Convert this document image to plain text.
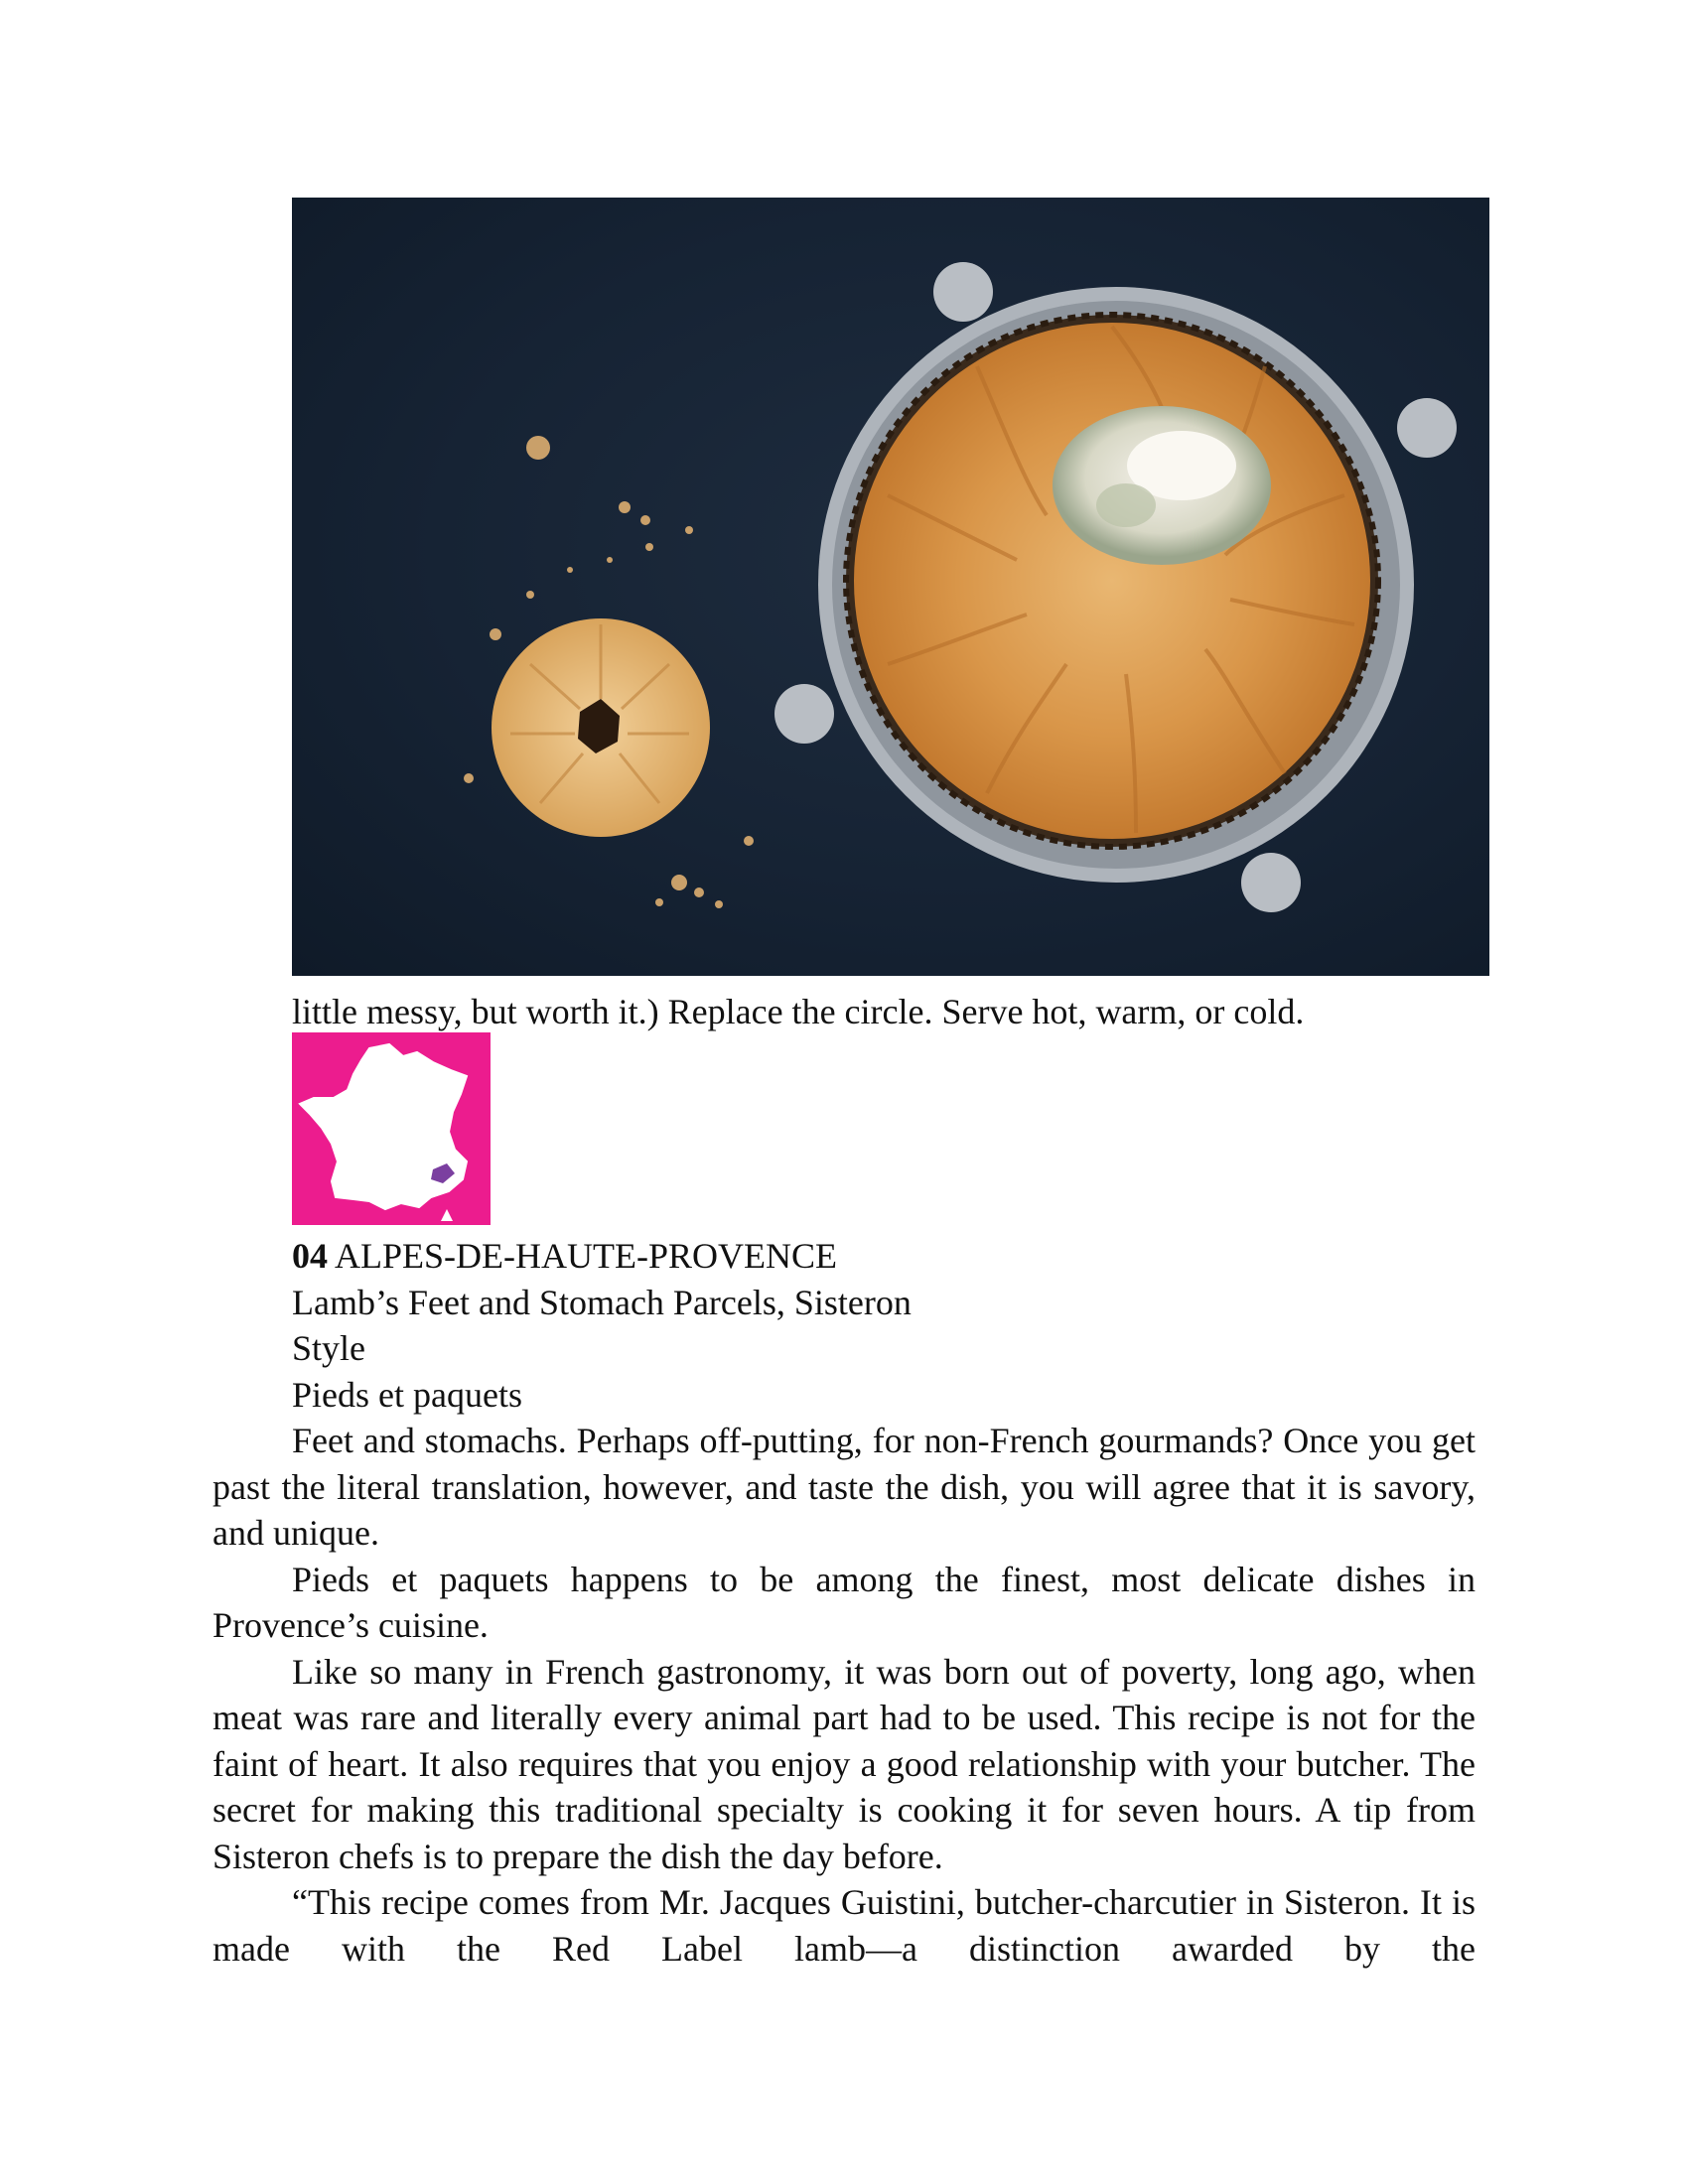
little messy, but worth it.) Replace the circle. Serve hot, warm, or cold.
04 ALPES-DE-HAUTE-PROVENCE
Lamb’s Feet and Stomach Parcels, Sisteron
Style
Pieds et paquets
Feet and stomachs. Perhaps off-putting, for non-French gourmands? Once you get past the literal translation, however, and taste the dish, you will agree that it is savory, and unique.
Pieds et paquets happens to be among the finest, most delicate dishes in Provence’s cuisine.
Like so many in French gastronomy, it was born out of poverty, long ago, when meat was rare and literally every animal part had to be used. This recipe is not for the faint of heart. It also requires that you enjoy a good relationship with your butcher. The secret for making this traditional specialty is cooking it for seven hours. A tip from Sisteron chefs is to prepare the dish the day before.
“This recipe comes from Mr. Jacques Guistini, butcher-charcutier in Sisteron. It is made with the Red Label lamb—a distinction awarded by the
